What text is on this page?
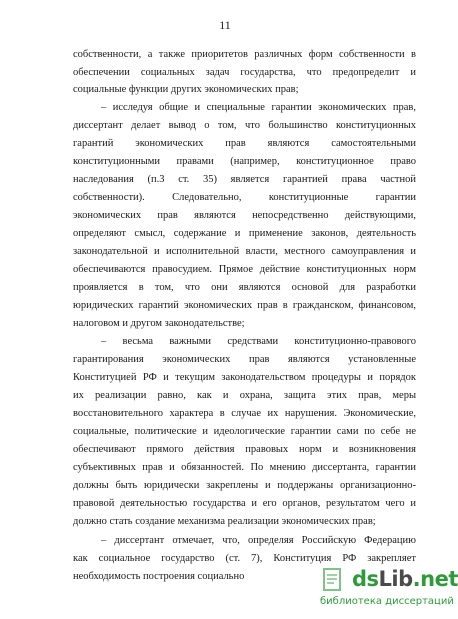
11
собственности, а также приоритетов различных форм собственности в
обеспечении социальных задач государства, что предопределит и
социальные функции других экономических прав;
– исследуя общие и специальные гарантии экономических прав,
диссертант делает вывод о том, что большинство конституционных
гарантий экономических прав являются самостоятельными
конституционными правами (например, конституционное право
наследования (п.3 ст. 35) является гарантией права частной
собственности). Следовательно, конституционные гарантии
экономических прав являются непосредственно действующими,
определяют смысл, содержание и применение законов, деятельность
законодательной и исполнительной власти, местного самоуправления и
обеспечиваются правосудием. Прямое действие конституционных норм
проявляется в том, что они являются основой для разработки
юридических гарантий экономических прав в гражданском, финансовом,
налоговом и другом законодательстве;
– весьма важными средствами конституционно-правового
гарантирования экономических прав являются установленные
Конституцией РФ и текущим законодательством процедуры и порядок
их реализации равно, как и охрана, защита этих прав, меры
восстановительного характера в случае их нарушения. Экономические,
социальные, политические и идеологические гарантии сами по себе не
обеспечивают прямого действия правовых норм и возникновения
субъективных прав и обязанностей. По мнению диссертанта, гарантии
должны быть юридически закреплены и поддержаны организационно-
правовой деятельностью государства и его органов, результатом чего и
должно стать создание механизма реализации экономических прав;
– диссертант отмечает, что, определяя Российскую Федерацию
как социальное государство (ст. 7), Конституция РФ закрепляет
необходимость построения социально	dsLib.net
библиотека диссертаций
